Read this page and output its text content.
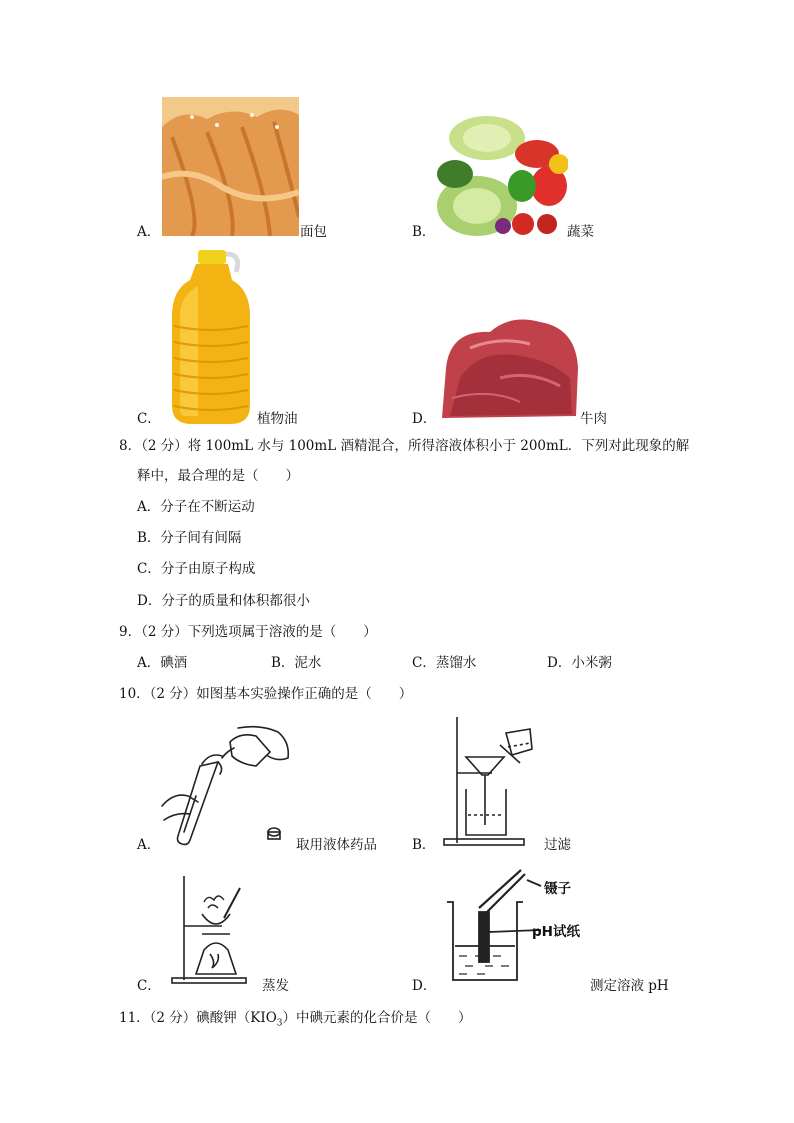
A．	面包	B．	蔬菜
C．	植物油	D．	牛肉
8．（2 分）将 100mL 水与 100mL 酒精混合，所得溶液体积小于 200mL．下列对此现象的解
释中，最合理的是（　　）
A．分子在不断运动
B．分子间有间隔
C．分子由原子构成
D．分子的质量和体积都很小
9．（2 分）下列选项属于溶液的是（　　）
A．碘酒	B．泥水	C．蒸馏水	D．小米粥
10．（2 分）如图基本实验操作正确的是（　　）
A．	取用液体药品	B．	过滤
C．	蒸发	D．
镊子
pH试纸
测定溶液 pH
11．（2 分）碘酸钾$(KIO_3)$中碘元素的化合价是（　　）
